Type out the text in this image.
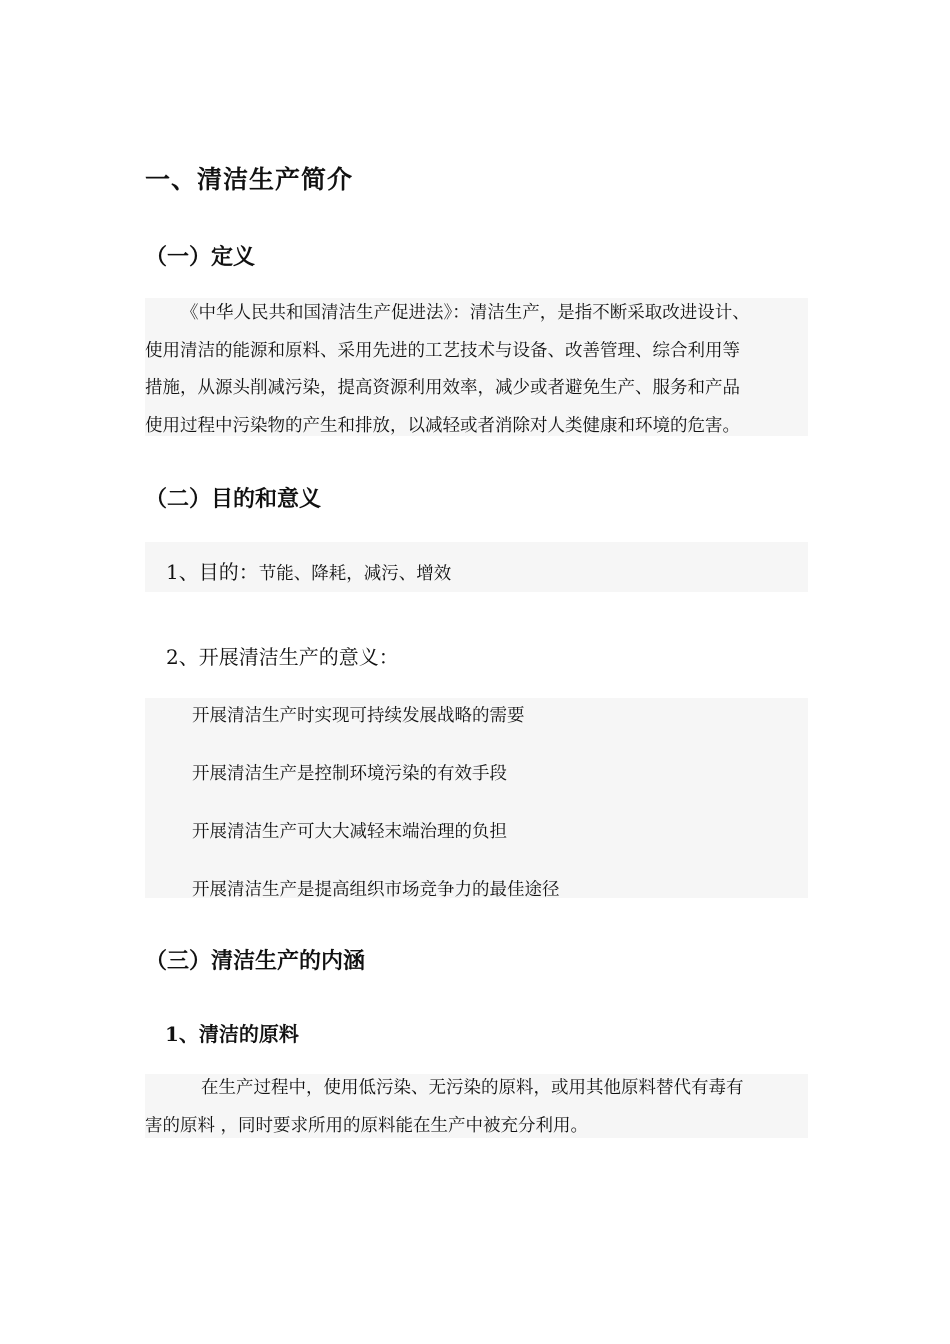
一、清洁生产简介
（一）定义
《中华人民共和国清洁生产促进法》：清洁生产，是指不断采取改进设计、
使用清洁的能源和原料、采用先进的工艺技术与设备、改善管理、综合利用等
措施，从源头削减污染，提高资源利用效率，减少或者避免生产、服务和产品
使用过程中污染物的产生和排放，以减轻或者消除对人类健康和环境的危害。
（二）目的和意义
1、目的：节能、降耗，减污、增效
2、开展清洁生产的意义：
开展清洁生产时实现可持续发展战略的需要
开展清洁生产是控制环境污染的有效手段
开展清洁生产可大大减轻末端治理的负担
开展清洁生产是提高组织市场竞争力的最佳途径
（三）清洁生产的内涵
1、清洁的原料
在生产过程中，使用低污染、无污染的原料，或用其他原料替代有毒有
害的原料 ，同时要求所用的原料能在生产中被充分利用。
